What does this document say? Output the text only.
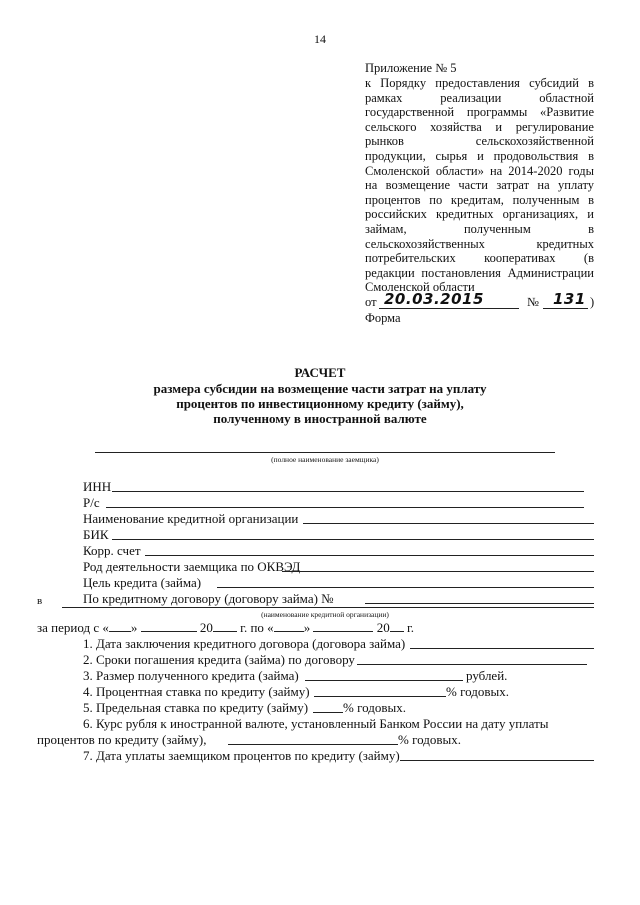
14
Приложение № 5
к Порядку предоставления субсидий в
рамках реализации областной
государственной программы «Развитие
сельского хозяйства и регулирование
рынков сельскохозяйственной
продукции, сырья и продовольствия в
Смоленской области» на 2014-2020 годы
на возмещение части затрат на уплату
процентов по кредитам, полученным в
российских кредитных организациях, и
займам, полученным в
сельскохозяйственных кредитных
потребительских кооперативах (в
редакции постановления Администрации
Смоленской области
от 20.03.2015	№ 131 )
Форма
РАСЧЕТ
размера субсидии на возмещение части затрат на уплату
процентов по инвестиционному кредиту (займу),
полученному в иностранной валюте
(полное наименование заемщика)
ИНН
Р/с
Наименование кредитной организации
БИК
Корр. счет
Род деятельности заемщика по ОКВЭД
Цель кредита (займа)
По кредитному договору (договору займа) №
в
(наименование кредитной организации)
за период с « »	20 г. по « »	20 г.
1. Дата заключения кредитного договора (договора займа)
2. Сроки погашения кредита (займа) по договору
3. Размер полученного кредита (займа)	рублей.
4. Процентная ставка по кредиту (займу)	% годовых.
5. Предельная ставка по кредиту (займу)	% годовых.
6. Курс рубля к иностранной валюте, установленный Банком России на дату уплаты
процентов по кредиту (займу),	% годовых.
7. Дата уплаты заемщиком процентов по кредиту (займу)
